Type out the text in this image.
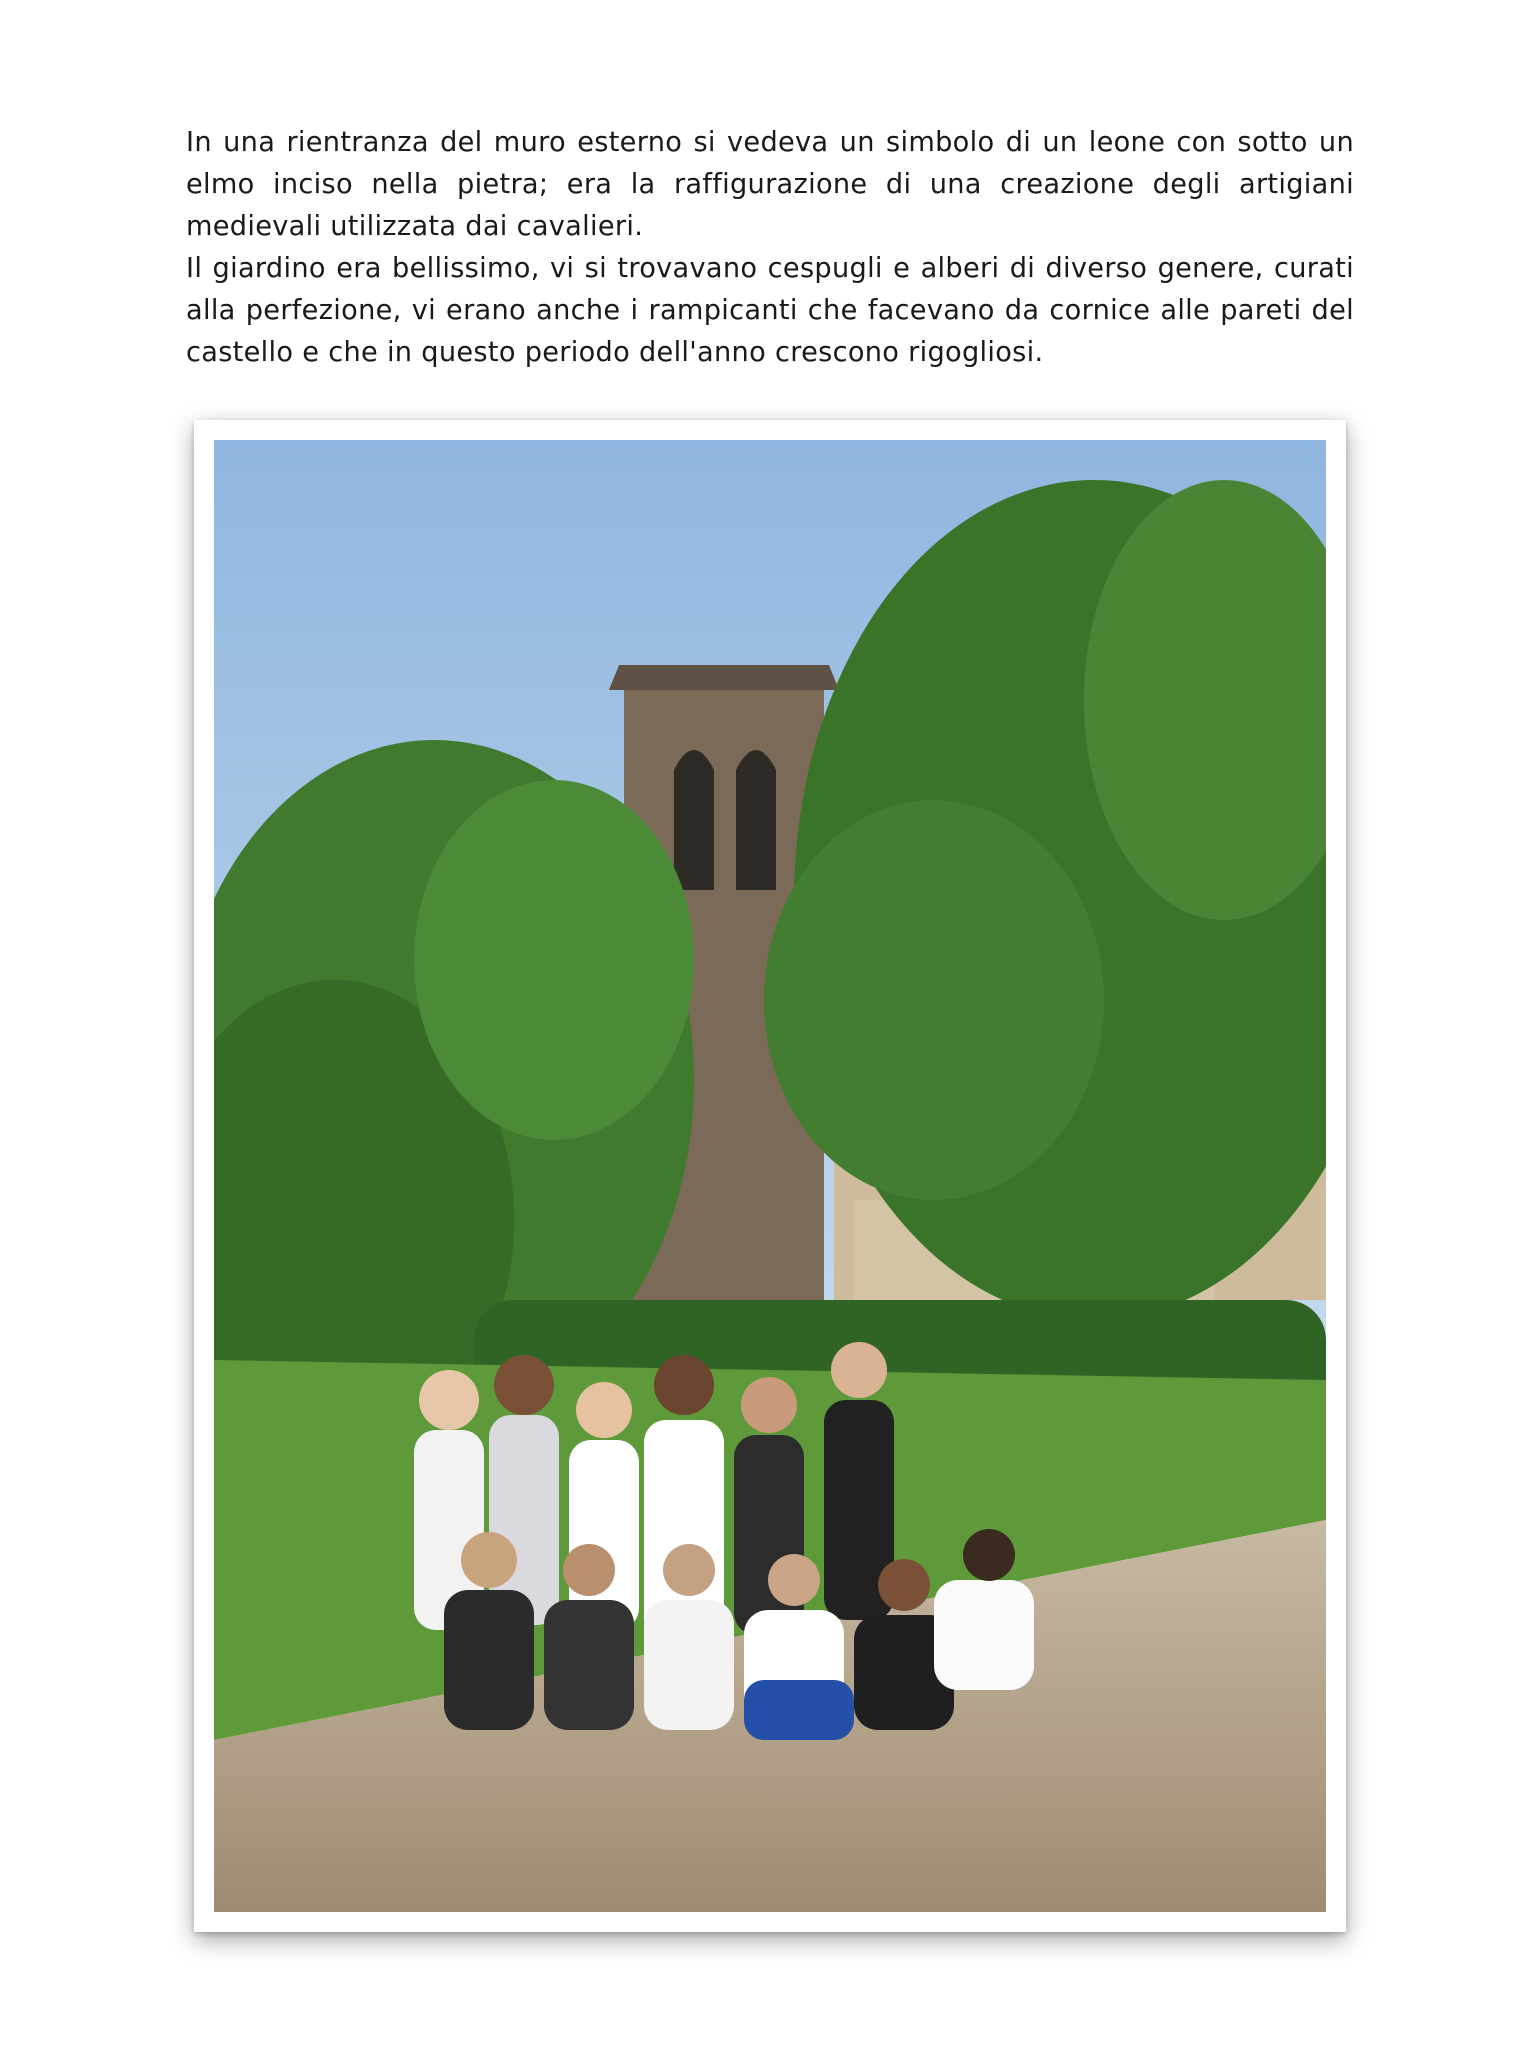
In una rientranza del muro esterno si vedeva un simbolo di un leone con sotto un elmo inciso nella pietra; era la raffigurazione di una creazione degli artigiani medievali utilizzata dai cavalieri.

Il giardino era bellissimo, vi si trovavano cespugli e alberi di diverso genere, curati alla perfezione, vi erano anche i rampicanti che facevano da cornice alle pareti del castello e che in questo periodo dell'anno crescono rigogliosi.
